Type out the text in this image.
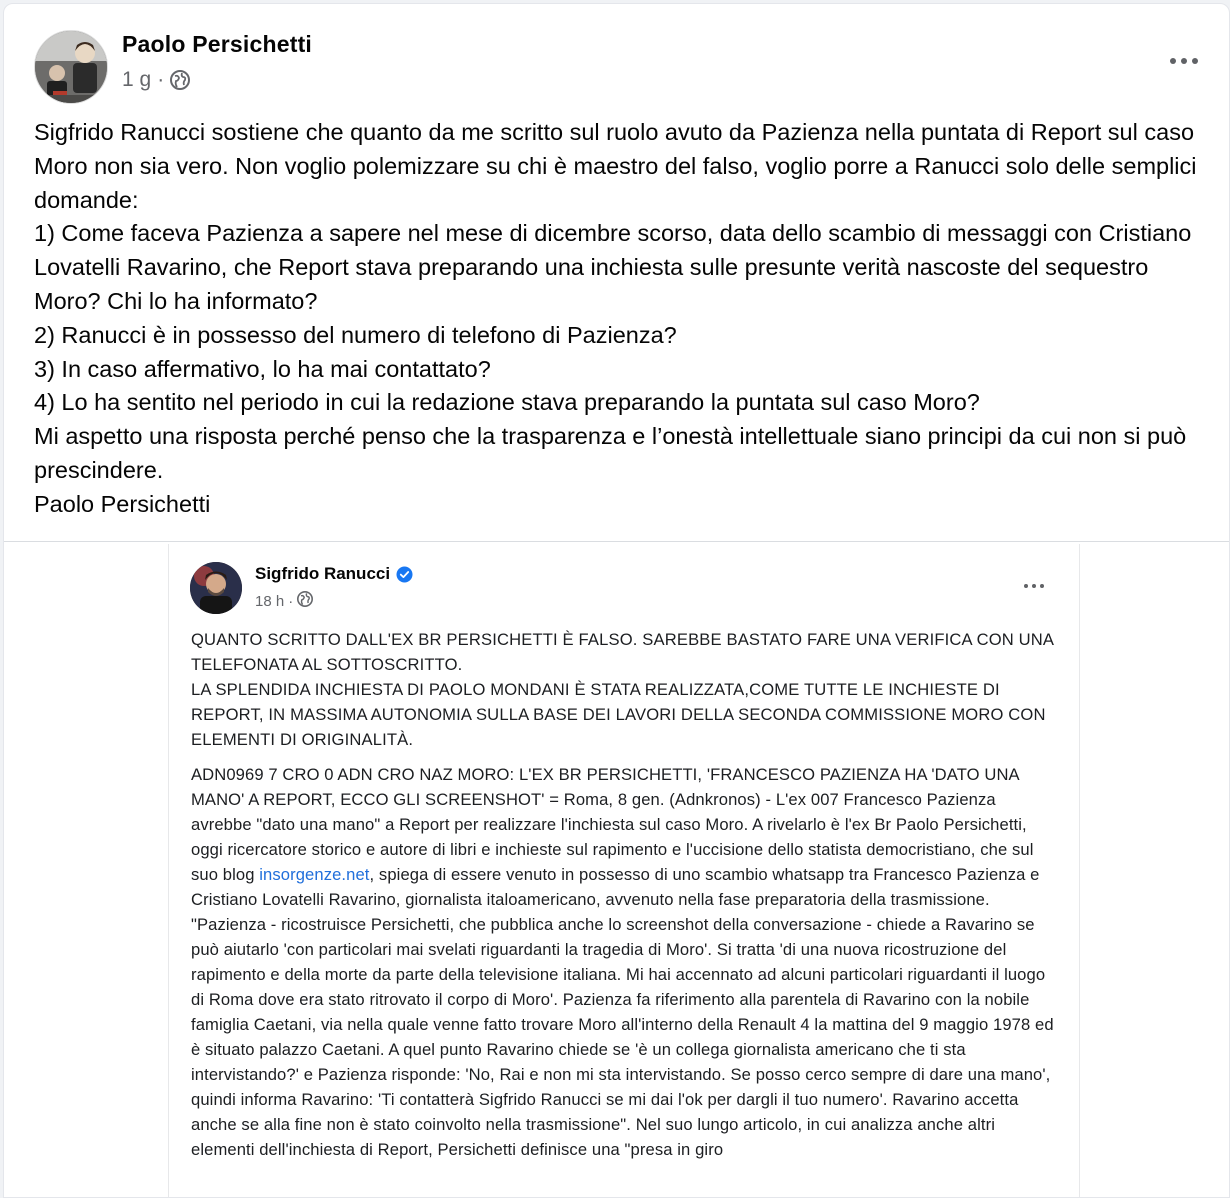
Paolo Persichetti
1 g ·

Sigfrido Ranucci sostiene che quanto da me scritto sul ruolo avuto da Pazienza nella puntata di Report sul caso Moro non sia vero. Non voglio polemizzare su chi è maestro del falso, voglio porre a Ranucci solo delle semplici domande:

1) Come faceva Pazienza a sapere nel mese di dicembre scorso, data dello scambio di messaggi con Cristiano Lovatelli Ravarino, che Report stava preparando una inchiesta sulle presunte verità nascoste del sequestro Moro? Chi lo ha informato?

2) Ranucci è in possesso del numero di telefono di Pazienza?

3) In caso affermativo, lo ha mai contattato?

4) Lo ha sentito nel periodo in cui la redazione stava preparando la puntata sul caso Moro?

Mi aspetto una risposta perché penso che la trasparenza e l’onestà intellettuale siano principi da cui non si può prescindere.

Paolo Persichetti

Sigfrido Ranucci
18 h ·

QUANTO SCRITTO DALL'EX BR PERSICHETTI È FALSO. SAREBBE BASTATO FARE UNA VERIFICA CON UNA TELEFONATA AL SOTTOSCRITTO.

LA SPLENDIDA INCHIESTA DI PAOLO MONDANI È STATA REALIZZATA,COME TUTTE LE INCHIESTE DI REPORT, IN MASSIMA AUTONOMIA SULLA BASE DEI LAVORI DELLA SECONDA COMMISSIONE MORO CON ELEMENTI DI ORIGINALITÀ.

ADN0969 7 CRO 0 ADN CRO NAZ MORO: L'EX BR PERSICHETTI, 'FRANCESCO PAZIENZA HA 'DATO UNA MANO' A REPORT, ECCO GLI SCREENSHOT' = Roma, 8 gen. (Adnkronos) - L'ex 007 Francesco Pazienza avrebbe "dato una mano" a Report per realizzare l'inchiesta sul caso Moro. A rivelarlo è l'ex Br Paolo Persichetti, oggi ricercatore storico e autore di libri e inchieste sul rapimento e l'uccisione dello statista democristiano, che sul suo blog insorgenze.net, spiega di essere venuto in possesso di uno scambio whatsapp tra Francesco Pazienza e Cristiano Lovatelli Ravarino, giornalista italoamericano, avvenuto nella fase preparatoria della trasmissione. "Pazienza - ricostruisce Persichetti, che pubblica anche lo screenshot della conversazione - chiede a Ravarino se può aiutarlo 'con particolari mai svelati riguardanti la tragedia di Moro'. Si tratta 'di una nuova ricostruzione del rapimento e della morte da parte della televisione italiana. Mi hai accennato ad alcuni particolari riguardanti il luogo di Roma dove era stato ritrovato il corpo di Moro'. Pazienza fa riferimento alla parentela di Ravarino con la nobile famiglia Caetani, via nella quale venne fatto trovare Moro all'interno della Renault 4 la mattina del 9 maggio 1978 ed è situato palazzo Caetani. A quel punto Ravarino chiede se 'è un collega giornalista americano che ti sta intervistando?' e Pazienza risponde: 'No, Rai e non mi sta intervistando. Se posso cerco sempre di dare una mano', quindi informa Ravarino: 'Ti contatterà Sigfrido Ranucci se mi dai l'ok per dargli il tuo numero'. Ravarino accetta anche se alla fine non è stato coinvolto nella trasmissione". Nel suo lungo articolo, in cui analizza anche altri elementi dell'inchiesta di Report, Persichetti definisce una "presa in giro
